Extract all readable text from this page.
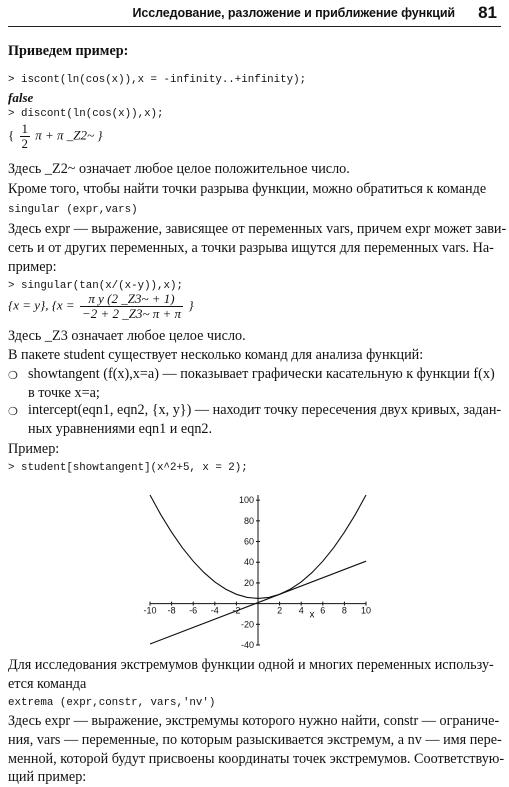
Исследование, разложение и приближение функций 81
Приведем пример:
> iscont(ln(cos(x)),x = -infinity..+infinity);
false
> discont(ln(cos(x)),x);
{ $\frac{1}{2}$ π + π _Z2~ }
Здесь _Z2~ означает любое целое положительное число.
Кроме того, чтобы найти точки разрыва функции, можно обратиться к команде
singular (expr,vars)
Здесь expr — выражение, зависящее от переменных vars, причем expr может зави-
сеть и от других переменных, а точки разрыва ищутся для переменных vars. На-
пример:
> singular(tan(x/(x-y)),x);
{x = y}, {$x = \frac{\text{π y (2 \_Z3\textasciitilde{} + 1)}}{-2 + 2 \_Z3\sim \pi + \pi}$ }
Здесь _Z3 означает любое целое число.
В пакете student существует несколько команд для анализа функций:
❍ showtangent (f(x),x=a) — показывает графически касательную к функции f(x)
в точке x=a;
❍ intercept(eqn1, eqn2, {x, y}) — находит точку пересечения двух кривых, задан-
ных уравнениями eqn1 и eqn2.
Пример:
> student[showtangent](x^2+5, x = 2);
-10 -8 -6 -4 -2	2 4 6 8 10
-40
-20
20
40
60
80
100
x
Для исследования экстремумов функции одной и многих переменных использу-
ется команда
extrema (expr,constr, vars,'nv')
Здесь expr — выражение, экстремумы которого нужно найти, constr — ограниче-
ния, vars — переменные, по которым разыскивается экстремум, а nv — имя пере-
менной, которой будут присвоены координаты точек экстремумов. Соответствую-
щий пример:
